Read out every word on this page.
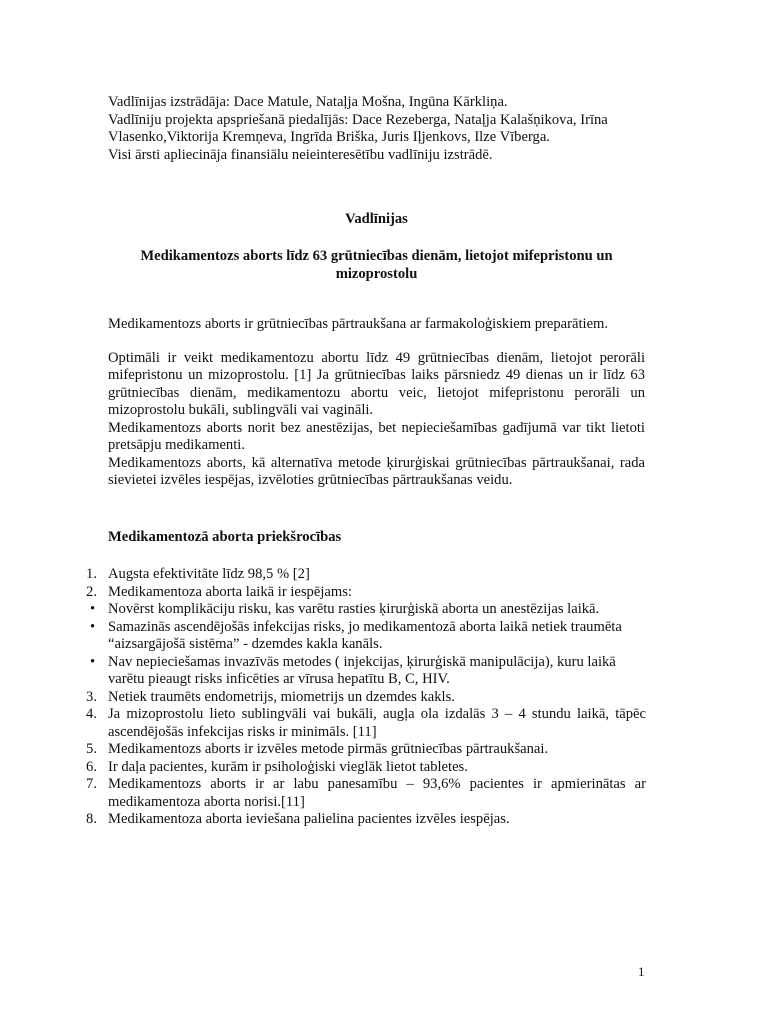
Vadlīnijas izstrādāja: Dace Matule, Nataļja Mošna, Ingūna Kārkliņa.

Vadlīniju projekta apspriešanā piedalījās: Dace Rezeberga, Nataļja Kalašņikova, Irīna Vlasenko,Viktorija Kremņeva, Ingrīda Briška, Juris Iļjenkovs, Ilze Vīberga.

Visi ārsti apliecināja finansiālu neieinteresētību vadlīniju izstrādē.

Vadlīnijas
Medikamentozs aborts līdz 63 grūtniecības dienām, lietojot mifepristonu un mizoprostolu

Medikamentozs aborts ir grūtniecības pārtraukšana ar farmakoloģiskiem preparātiem.

Optimāli ir veikt medikamentozu abortu līdz 49 grūtniecības dienām, lietojot perorāli mifepristonu un mizoprostolu. [1] Ja grūtniecības laiks pārsniedz 49 dienas un ir līdz 63 grūtniecības dienām, medikamentozu abortu veic, lietojot mifepristonu perorāli un mizoprostolu bukāli, sublingvāli vai vagināli.

Medikamentozs aborts norit bez anestēzijas, bet nepieciešamības gadījumā var tikt lietoti pretsāpju medikamenti.

Medikamentozs aborts, kā alternatīva metode ķirurģiskai grūtniecības pārtraukšanai, rada sievietei izvēles iespējas, izvēloties grūtniecības pārtraukšanas veidu.

Medikamentozā aborta priekšrocības
1. Augsta efektivitāte līdz 98,5 % [2]
2. Medikamentoza aborta laikā ir iespējams:
• Novērst komplikāciju risku, kas varētu rasties ķirurģiskā aborta un anestēzijas laikā.
• Samazinās ascendējošās infekcijas risks, jo medikamentozā aborta laikā netiek traumēta “aizsargājošā sistēma” - dzemdes kakla kanāls.
• Nav nepieciešamas invazīvās metodes ( injekcijas, ķirurģiskā manipulācija), kuru laikā varētu pieaugt risks inficēties ar vīrusa hepatītu B, C, HIV.
3. Netiek traumēts endometrijs, miometrijs un dzemdes kakls.
4. Ja mizoprostolu lieto sublingvāli vai bukāli, augļa ola izdalās 3 – 4 stundu laikā, tāpēc ascendējošās infekcijas risks ir minimāls. [11]
5. Medikamentozs aborts ir izvēles metode pirmās grūtniecības pārtraukšanai.
6. Ir daļa pacientes, kurām ir psiholoģiski vieglāk lietot tabletes.
7. Medikamentozs aborts ir ar labu panesamību – 93,6% pacientes ir apmierinātas ar medikamentoza aborta norisi.[11]
8. Medikamentoza aborta ieviešana palielina pacientes izvēles iespējas.
1
